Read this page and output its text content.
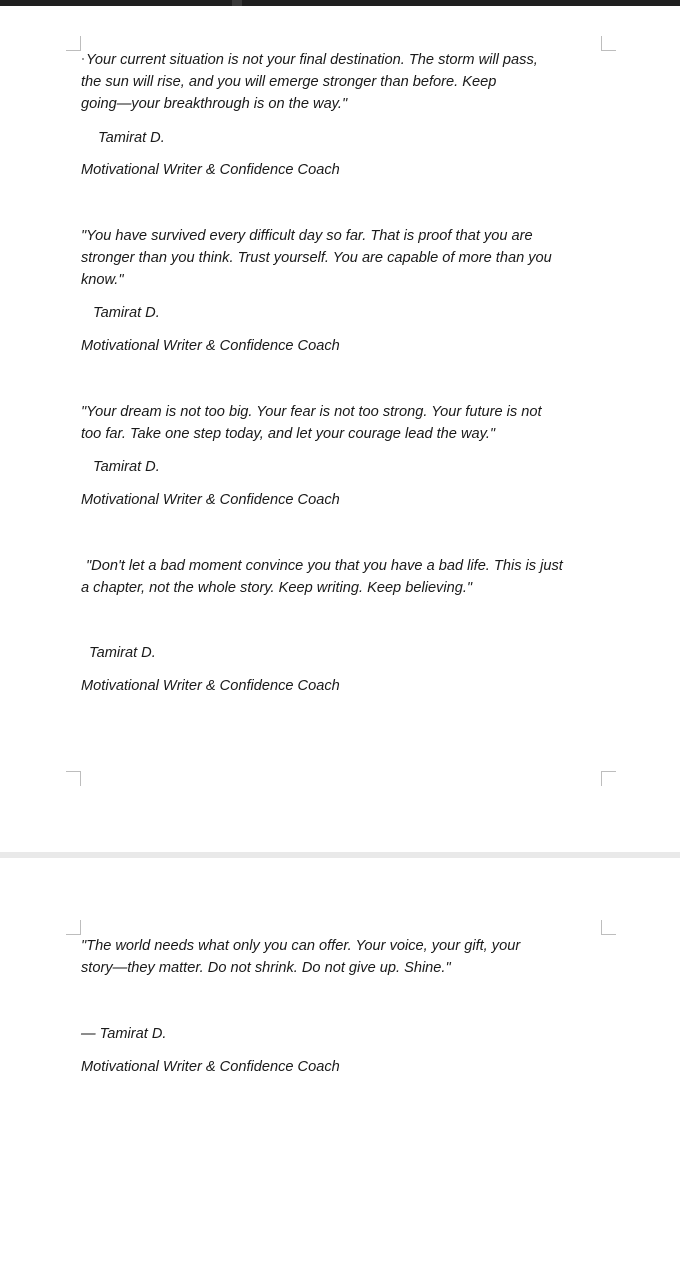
Your current situation is not your final destination. The storm will pass,
the sun will rise, and you will emerge stronger than before. Keep
going—your breakthrough is on the way."
Tamirat D.
Motivational Writer & Confidence Coach
"You have survived every difficult day so far. That is proof that you are
stronger than you think. Trust yourself. You are capable of more than you
know."
Tamirat D.
Motivational Writer & Confidence Coach
"Your dream is not too big. Your fear is not too strong. Your future is not
too far. Take one step today, and let your courage lead the way."
Tamirat D.
Motivational Writer & Confidence Coach
"Don't let a bad moment convince you that you have a bad life. This is just
a chapter, not the whole story. Keep writing. Keep believing."
Tamirat D.
Motivational Writer & Confidence Coach
"The world needs what only you can offer. Your voice, your gift, your
story—they matter. Do not shrink. Do not give up. Shine."
— Tamirat D.
Motivational Writer & Confidence Coach
